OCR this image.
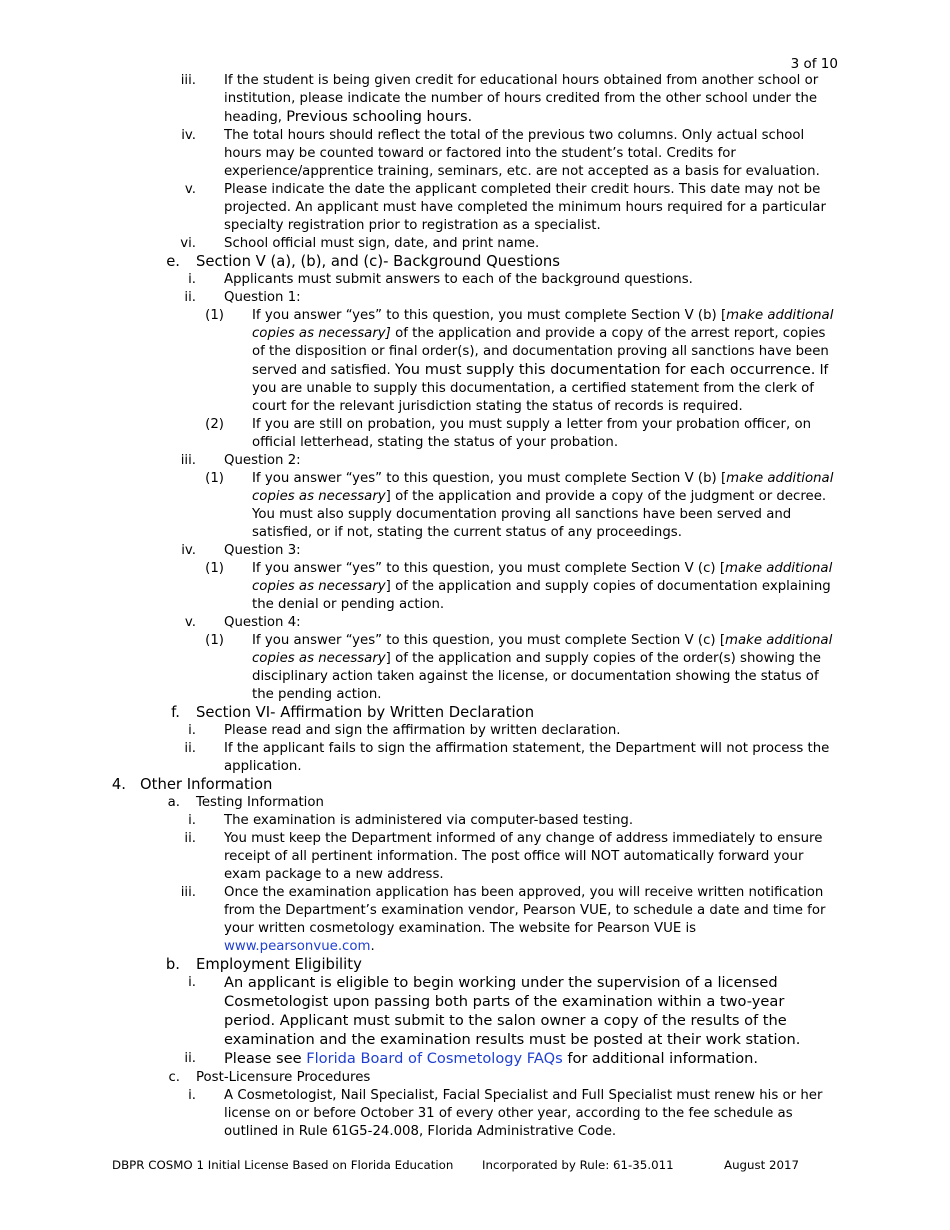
3 of 10
iii. If the student is being given credit for educational hours obtained from another school or institution, please indicate the number of hours credited from the other school under the heading, Previous schooling hours.
iv. The total hours should reflect the total of the previous two columns. Only actual school hours may be counted toward or factored into the student’s total. Credits for experience/apprentice training, seminars, etc. are not accepted as a basis for evaluation.
v. Please indicate the date the applicant completed their credit hours. This date may not be projected. An applicant must have completed the minimum hours required for a particular specialty registration prior to registration as a specialist.
vi. School official must sign, date, and print name.
e. Section V (a), (b), and (c)- Background Questions
i. Applicants must submit answers to each of the background questions.
ii. Question 1:
(1) If you answer “yes” to this question, you must complete Section V (b) [make additional copies as necessary] of the application and provide a copy of the arrest report, copies of the disposition or final order(s), and documentation proving all sanctions have been served and satisfied. You must supply this documentation for each occurrence. If you are unable to supply this documentation, a certified statement from the clerk of court for the relevant jurisdiction stating the status of records is required.
(2) If you are still on probation, you must supply a letter from your probation officer, on official letterhead, stating the status of your probation.
iii. Question 2:
(1) If you answer “yes” to this question, you must complete Section V (b) [make additional copies as necessary] of the application and provide a copy of the judgment or decree. You must also supply documentation proving all sanctions have been served and satisfied, or if not, stating the current status of any proceedings.
iv. Question 3:
(1) If you answer “yes” to this question, you must complete Section V (c) [make additional copies as necessary] of the application and supply copies of documentation explaining the denial or pending action.
v. Question 4:
(1) If you answer “yes” to this question, you must complete Section V (c) [make additional copies as necessary] of the application and supply copies of the order(s) showing the disciplinary action taken against the license, or documentation showing the status of the pending action.
f. Section VI- Affirmation by Written Declaration
i. Please read and sign the affirmation by written declaration.
ii. If the applicant fails to sign the affirmation statement, the Department will not process the application.
4. Other Information
a. Testing Information
i. The examination is administered via computer-based testing.
ii. You must keep the Department informed of any change of address immediately to ensure receipt of all pertinent information. The post office will NOT automatically forward your exam package to a new address.
iii. Once the examination application has been approved, you will receive written notification from the Department’s examination vendor, Pearson VUE, to schedule a date and time for your written cosmetology examination. The website for Pearson VUE is www.pearsonvue.com.
b. Employment Eligibility
i. An applicant is eligible to begin working under the supervision of a licensed Cosmetologist upon passing both parts of the examination within a two-year period. Applicant must submit to the salon owner a copy of the results of the examination and the examination results must be posted at their work station.
ii. Please see Florida Board of Cosmetology FAQs for additional information.
c. Post-Licensure Procedures
i. A Cosmetologist, Nail Specialist, Facial Specialist and Full Specialist must renew his or her license on or before October 31 of every other year, according to the fee schedule as outlined in Rule 61G5-24.008, Florida Administrative Code.
DBPR COSMO 1 Initial License Based on Florida Education Incorporated by Rule: 61-35.011	August 2017
